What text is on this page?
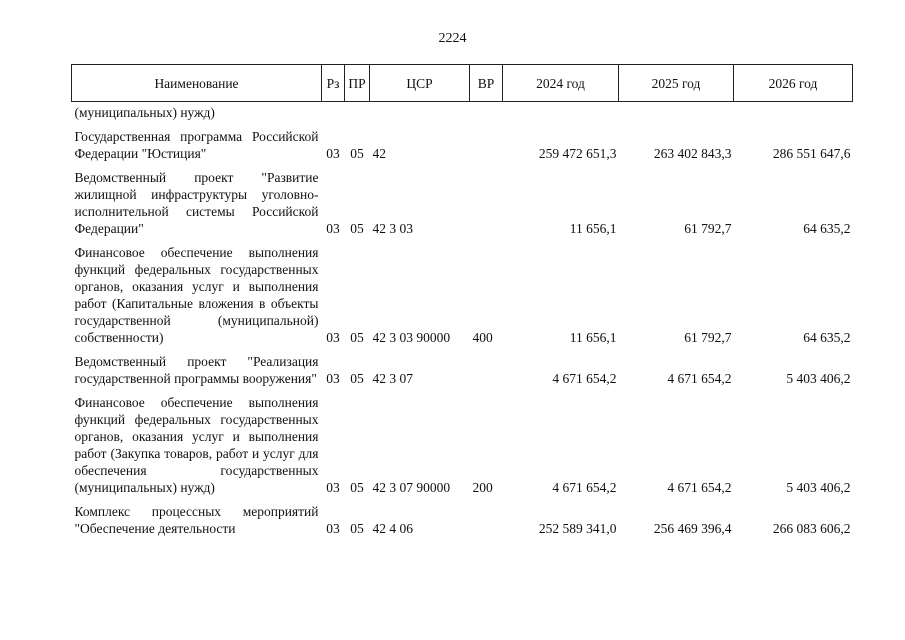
2224
Наименование	Рз	ПР	ЦСР	ВР	2024 год	2025 год	2026 год
(муниципальных) нужд)							
Государственная программа Российской Федерации "Юстиция"	03	05	42		259 472 651,3	263 402 843,3	286 551 647,6
Ведомственный проект "Развитие жилищной инфраструктуры уголовно-исполнительной системы Российской Федерации"	03	05	42 3 03		11 656,1	61 792,7	64 635,2
Финансовое обеспечение выполнения функций федеральных государственных органов, оказания услуг и выполнения работ (Капитальные вложения в объекты государственной (муниципальной) собственности)	03	05	42 3 03 90000	400	11 656,1	61 792,7	64 635,2
Ведомственный проект "Реализация государственной программы вооружения"	03	05	42 3 07		4 671 654,2	4 671 654,2	5 403 406,2
Финансовое обеспечение выполнения функций федеральных государственных органов, оказания услуг и выполнения работ (Закупка товаров, работ и услуг для обеспечения государственных (муниципальных) нужд)	03	05	42 3 07 90000	200	4 671 654,2	4 671 654,2	5 403 406,2
Комплекс процессных мероприятий "Обеспечение деятельности	03	05	42 4 06		252 589 341,0	256 469 396,4	266 083 606,2
